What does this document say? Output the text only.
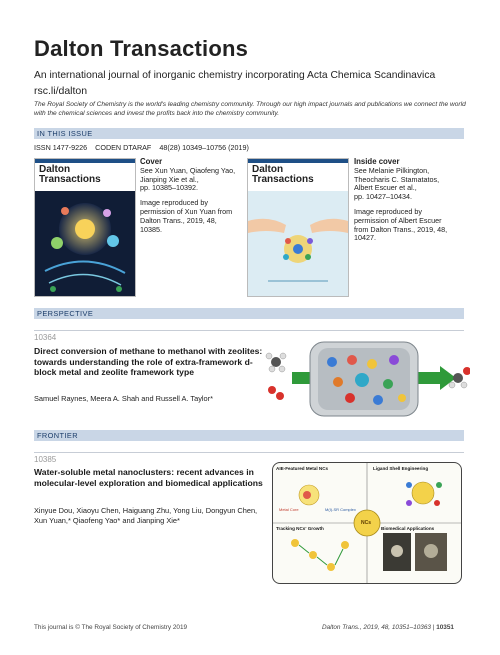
Dalton Transactions
An international journal of inorganic chemistry incorporating Acta Chemica Scandinavica
rsc.li/dalton
The Royal Society of Chemistry is the world's leading chemistry community. Through our high impact journals and publications we connect the world with the chemical sciences and invest the profits back into the chemistry community.
IN THIS ISSUE
ISSN 1477-9226 CODEN DTARAF 48(28) 10349–10756 (2019)
Dalton
Transactions

Cover

See Xun Yuan, Qiaofeng Yao,

Jianping Xie et al.,

pp. 10385–10392.

Image reproduced by

permission of Xun Yuan from

Dalton Trans., 2019, 48,

10385.

Dalton
Transactions

Inside cover

See Melanie Pilkington,

Theocharis C. Stamatatos,

Albert Escuer et al.,

pp. 10427–10434.

Image reproduced by

permission of Albert Escuer

from Dalton Trans., 2019, 48,

10427.

PERSPECTIVE
10364
Direct conversion of methane to methanol with zeolites: towards understanding the role of extra-framework d-block metal and zeolite framework type
Samuel Raynes, Meera A. Shah and Russell A. Taylor*
FRONTIER
10385
Water-soluble metal nanoclusters: recent advances in molecular-level exploration and biomedical applications
Xinyue Dou, Xiaoyu Chen, Haiguang Zhu, Yong Liu, Dongyun Chen, Xun Yuan,* Qiaofeng Yao* and Jianping Xie*
AIE-Featured Metal NCs	Ligand Shell Engineering
Tracking NCs' Growth	Biomedical Applications
NCs
Metal Core	M(I)-SR Complex
This journal is © The Royal Society of Chemistry 2019	Dalton Trans., 2019, 48, 10351–10363 | 10351
